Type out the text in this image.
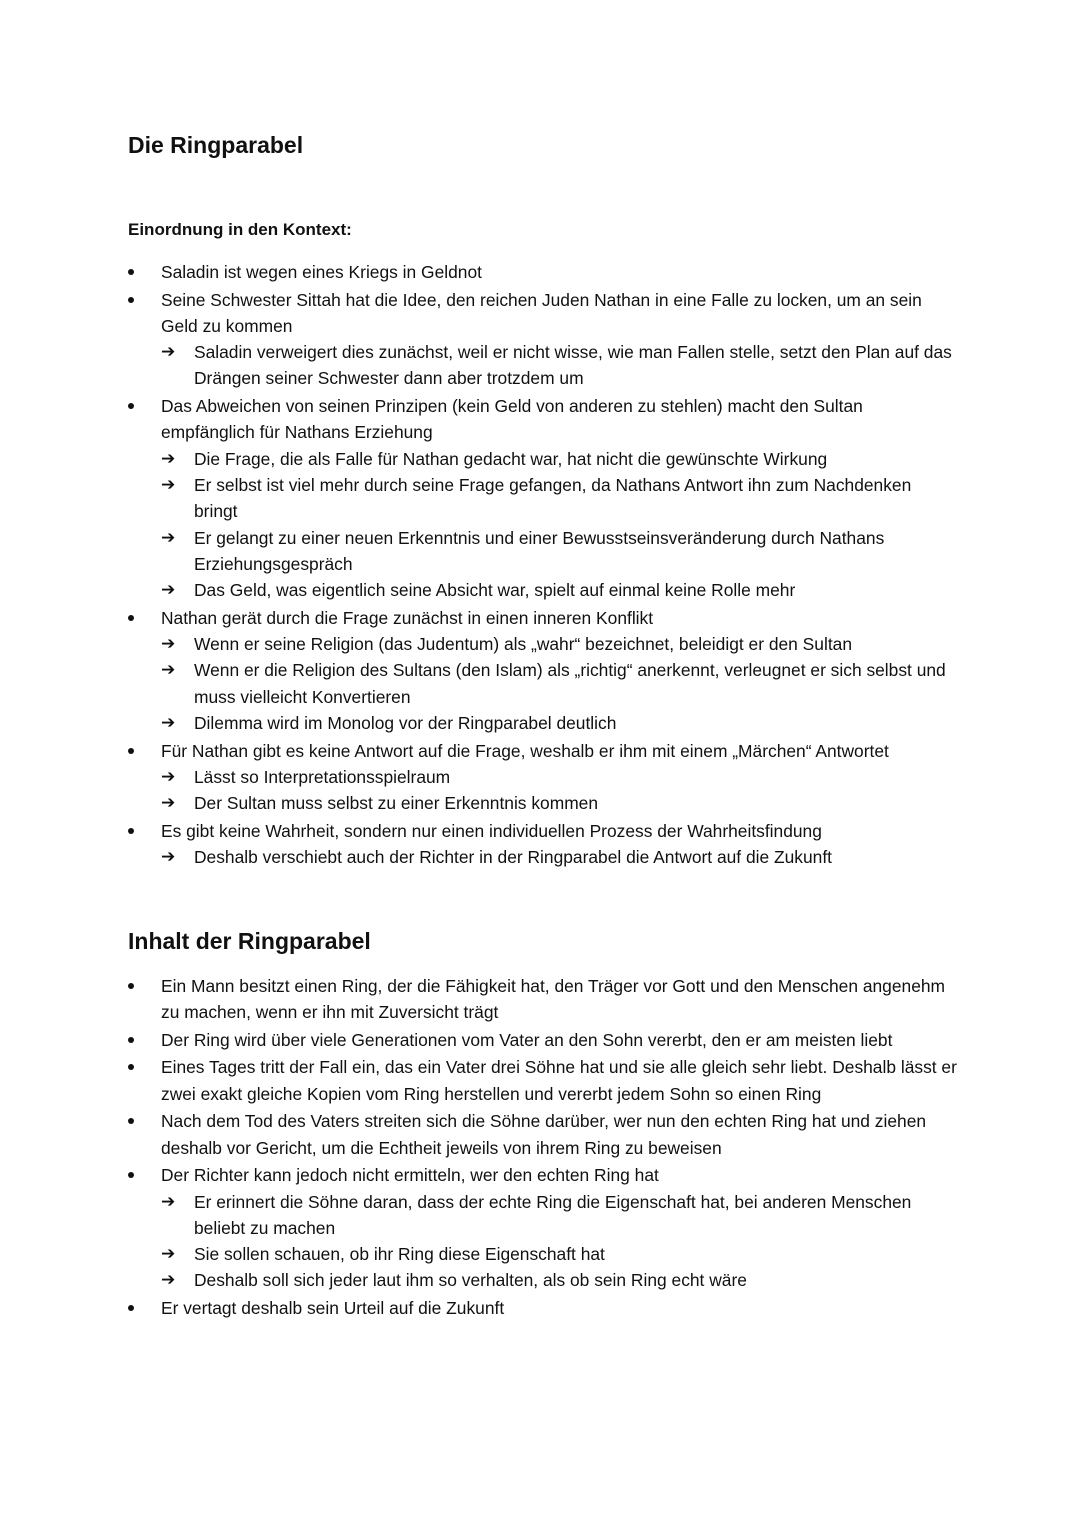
Die Ringparabel
Einordnung in den Kontext:
Saladin ist wegen eines Kriegs in Geldnot
Seine Schwester Sittah hat die Idee, den reichen Juden Nathan in eine Falle zu locken, um an sein Geld zu kommen
➔ Saladin verweigert dies zunächst, weil er nicht wisse, wie man Fallen stelle, setzt den Plan auf das Drängen seiner Schwester dann aber trotzdem um
Das Abweichen von seinen Prinzipen (kein Geld von anderen zu stehlen) macht den Sultan empfänglich für Nathans Erziehung
➔ Die Frage, die als Falle für Nathan gedacht war, hat nicht die gewünschte Wirkung
➔ Er selbst ist viel mehr durch seine Frage gefangen, da Nathans Antwort ihn zum Nachdenken bringt
➔ Er gelangt zu einer neuen Erkenntnis und einer Bewusstseinsveränderung durch Nathans Erziehungsgespräch
➔ Das Geld, was eigentlich seine Absicht war, spielt auf einmal keine Rolle mehr
Nathan gerät durch die Frage zunächst in einen inneren Konflikt
➔ Wenn er seine Religion (das Judentum) als „wahr“ bezeichnet, beleidigt er den Sultan
➔ Wenn er die Religion des Sultans (den Islam) als „richtig“ anerkennt, verleugnet er sich selbst und muss vielleicht Konvertieren
➔ Dilemma wird im Monolog vor der Ringparabel deutlich
Für Nathan gibt es keine Antwort auf die Frage, weshalb er ihm mit einem „Märchen“ Antwortet
➔ Lässt so Interpretationsspielraum
➔ Der Sultan muss selbst zu einer Erkenntnis kommen
Es gibt keine Wahrheit, sondern nur einen individuellen Prozess der Wahrheitsfindung
➔ Deshalb verschiebt auch der Richter in der Ringparabel die Antwort auf die Zukunft
Inhalt der Ringparabel
Ein Mann besitzt einen Ring, der die Fähigkeit hat, den Träger vor Gott und den Menschen angenehm zu machen, wenn er ihn mit Zuversicht trägt
Der Ring wird über viele Generationen vom Vater an den Sohn vererbt, den er am meisten liebt
Eines Tages tritt der Fall ein, das ein Vater drei Söhne hat und sie alle gleich sehr liebt. Deshalb lässt er zwei exakt gleiche Kopien vom Ring herstellen und vererbt jedem Sohn so einen Ring
Nach dem Tod des Vaters streiten sich die Söhne darüber, wer nun den echten Ring hat und ziehen deshalb vor Gericht, um die Echtheit jeweils von ihrem Ring zu beweisen
Der Richter kann jedoch nicht ermitteln, wer den echten Ring hat
➔ Er erinnert die Söhne daran, dass der echte Ring die Eigenschaft hat, bei anderen Menschen beliebt zu machen
➔ Sie sollen schauen, ob ihr Ring diese Eigenschaft hat
➔ Deshalb soll sich jeder laut ihm so verhalten, als ob sein Ring echt wäre
Er vertagt deshalb sein Urteil auf die Zukunft
